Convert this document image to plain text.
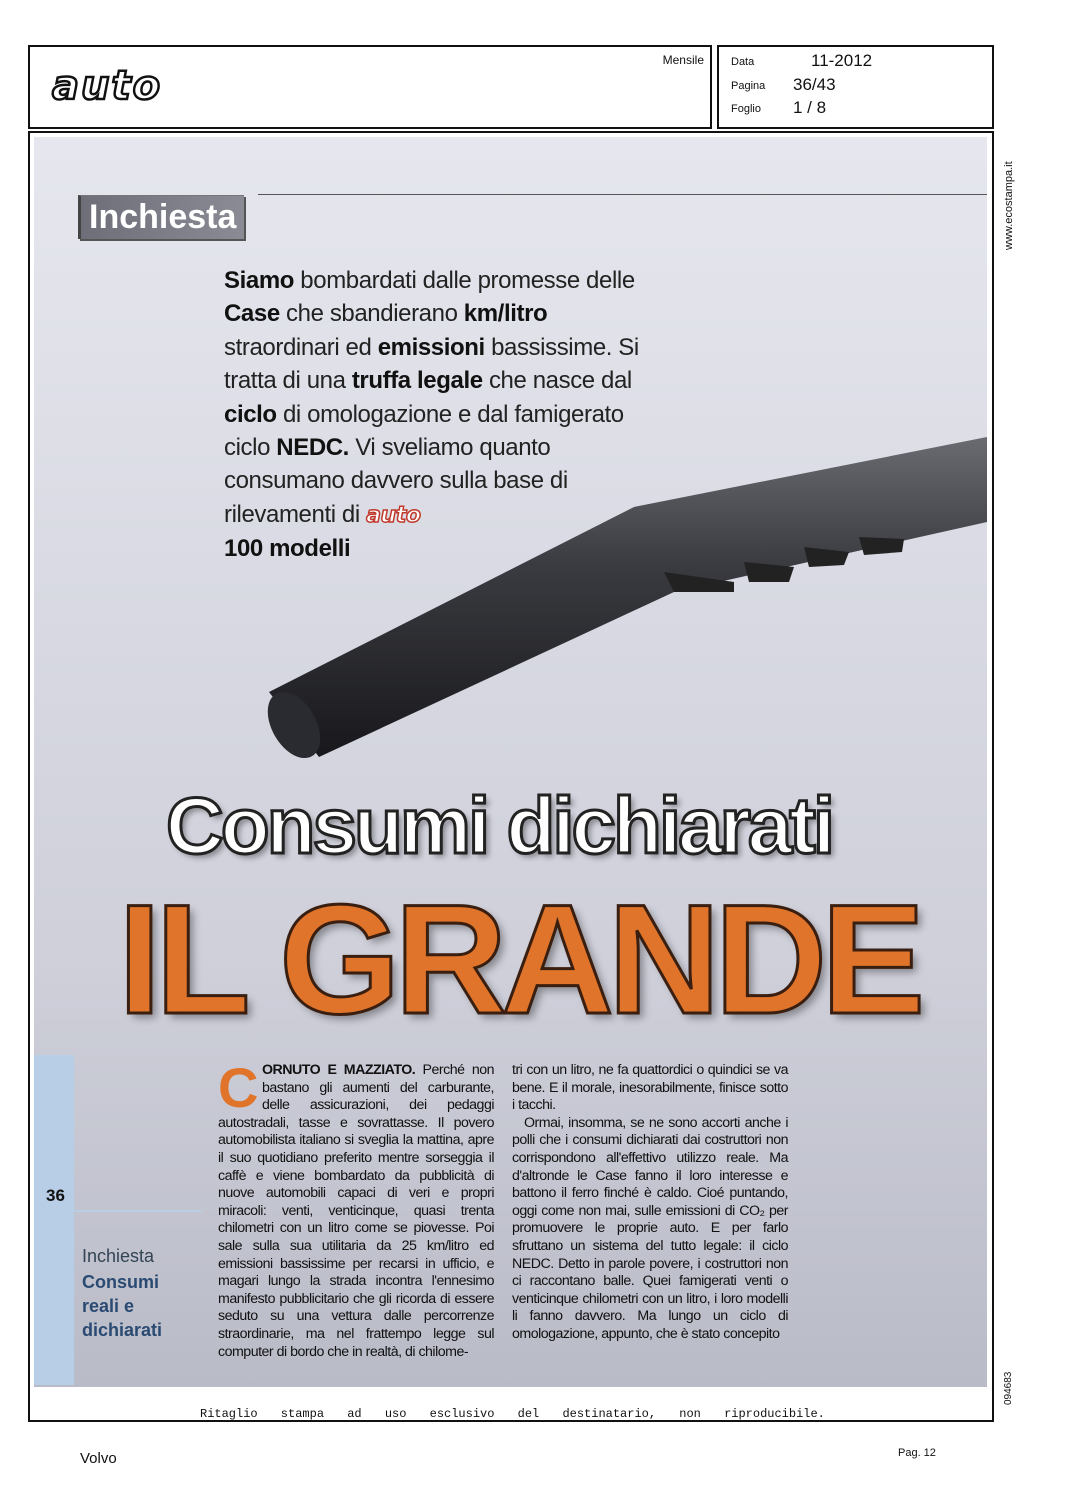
auto
Mensile Data	11-2012
Pagina 36/43
Foglio 1 / 8
Inchiesta
Siamo bombardati dalle promesse delle Case che sbandierano km/litro straordinari ed emissioni bassissime. Si tratta di una truffa legale che nasce dal ciclo di omologazione e dal famigerato ciclo NEDC. Vi sveliamo quanto consumano davvero sulla base di rilevamenti di auto
100 modelli
Consumi dichiarati
IL GRANDE
36
Inchiesta
Consumi reali e dichiarati
CORNUTO E MAZZIATO. Perché non bastano gli aumenti del carburante, delle assicurazioni, dei pedaggi autostradali, tasse e sovrattasse. Il povero automobilista italiano si sveglia la mattina, apre il suo quotidiano preferito mentre sorseggia il caffè e viene bombardato da pubblicità di nuove automobili capaci di veri e propri miracoli: venti, venticinque, quasi trenta chilometri con un litro come se piovesse. Poi sale sulla sua utilitaria da 25 km/litro ed emissioni bassissime per recarsi in ufficio, e magari lungo la strada incontra l'ennesimo manifesto pubblicitario che gli ricorda di essere seduto su una vettura dalle percorrenze straordinarie, ma nel frattempo legge sul computer di bordo che in realtà, di chilome-

tri con un litro, ne fa quattordici o quindici se va bene. E il morale, inesorabilmente, finisce sotto i tacchi.

Ormai, insomma, se ne sono accorti anche i polli che i consumi dichiarati dai costruttori non corrispondono all'effettivo utilizzo reale. Ma d'altronde le Case fanno il loro interesse e battono il ferro finché è caldo. Cioé puntando, oggi come non mai, sulle emissioni di CO₂ per promuovere le proprie auto. E per farlo sfruttano un sistema del tutto legale: il ciclo NEDC. Detto in parole povere, i costruttori non ci raccontano balle. Quei famigerati venti o venticinque chilometri con un litro, i loro modelli li fanno davvero. Ma lungo un ciclo di omologazione, appunto, che è stato concepito

www.ecostampa.it
094683
Ritaglio stampa ad uso esclusivo del destinatario, non riproducibile.
Volvo	Pag. 12
